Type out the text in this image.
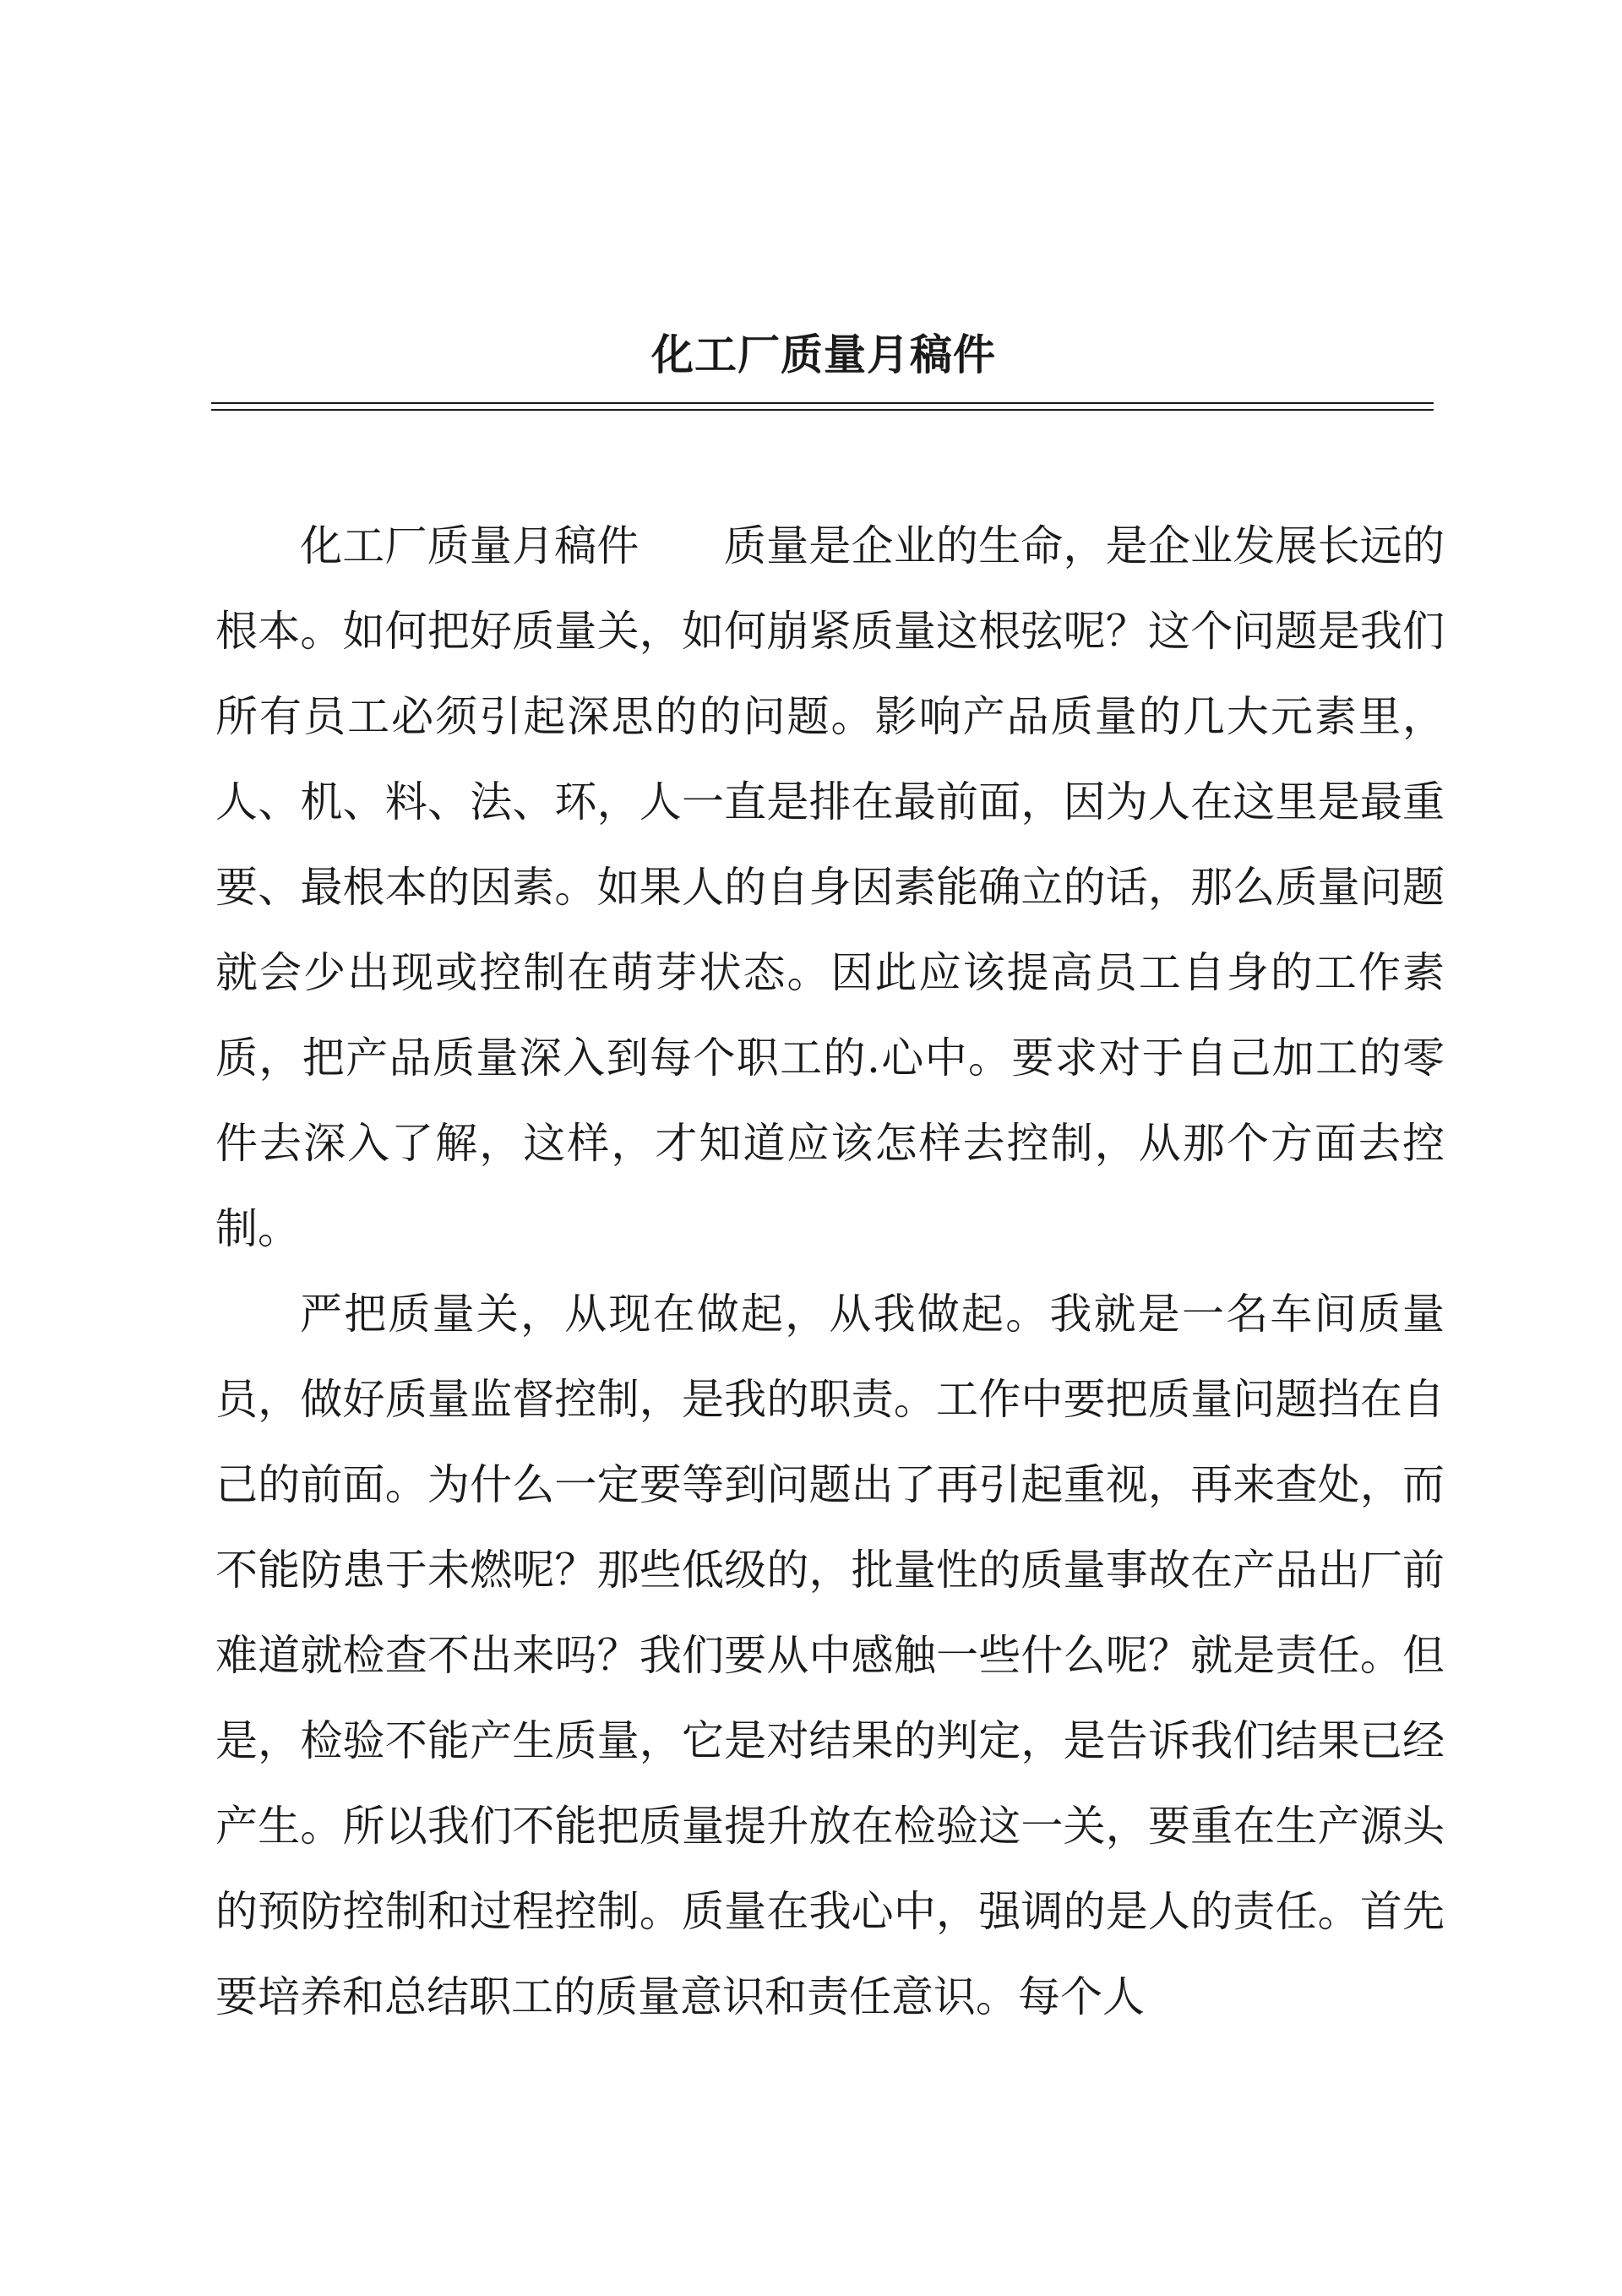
化工厂质量月稿件

化工厂质量月稿件　　质量是企业的生命，是企业发展长远的根本。如何把好质量关，如何崩紧质量这根弦呢？这个问题是我们所有员工必须引起深思的的问题。影响产品质量的几大元素里，人、机、料、法、环，人一直是排在最前面，因为人在这里是最重要、最根本的因素。如果人的自身因素能确立的话，那么质量问题就会少出现或控制在萌芽状态。因此应该提高员工自身的工作素质，把产品质量深入到每个职工的.心中。要求对于自己加工的零件去深入了解，这样，才知道应该怎样去控制，从那个方面去控制。

严把质量关，从现在做起，从我做起。我就是一名车间质量员，做好质量监督控制，是我的职责。工作中要把质量问题挡在自己的前面。为什么一定要等到问题出了再引起重视，再来查处，而不能防患于未燃呢？那些低级的，批量性的质量事故在产品出厂前难道就检查不出来吗？我们要从中感触一些什么呢？就是责任。但是，检验不能产生质量，它是对结果的判定，是告诉我们结果已经产生。所以我们不能把质量提升放在检验这一关，要重在生产源头的预防控制和过程控制。质量在我心中，强调的是人的责任。首先要培养和总结职工的质量意识和责任意识。每个人
